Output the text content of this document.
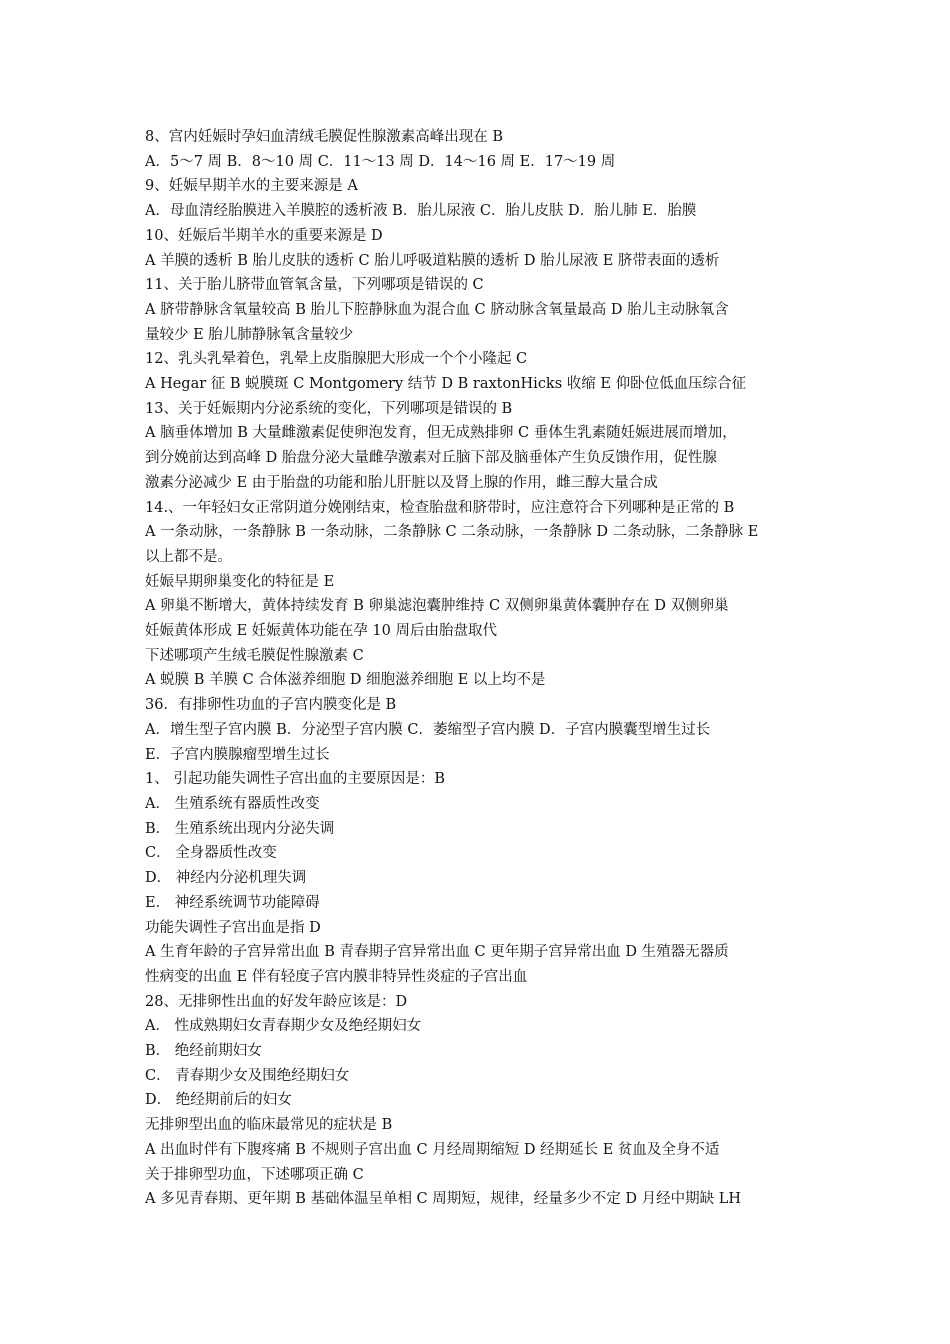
8、宫内妊娠时孕妇血清绒毛膜促性腺激素高峰出现在 B
A．5～7 周 B．8～10 周 C．11～13 周 D．14～16 周 E．17～19 周
9、妊娠早期羊水的主要来源是 A
A．母血清经胎膜进入羊膜腔的透析液 B．胎儿尿液 C．胎儿皮肤 D．胎儿肺 E．胎膜
10、妊娠后半期羊水的重要来源是 D
A 羊膜的透析 B 胎儿皮肤的透析 C 胎儿呼吸道粘膜的透析 D 胎儿尿液 E 脐带表面的透析
11、关于胎儿脐带血管氧含量，下列哪项是错误的 C
A 脐带静脉含氧量较高 B 胎儿下腔静脉血为混合血 C 脐动脉含氧量最高 D 胎儿主动脉氧含
量较少 E 胎儿肺静脉氧含量较少
12、乳头乳晕着色，乳晕上皮脂腺肥大形成一个个小隆起 C
A Hegar 征 B 蜕膜斑 C Montgomery 结节 D B raxtonHicks 收缩 E 仰卧位低血压综合征
13、关于妊娠期内分泌系统的变化，下列哪项是错误的 B
A 脑垂体增加 B 大量雌激素促使卵泡发育，但无成熟排卵 C 垂体生乳素随妊娠进展而增加，
到分娩前达到高峰 D 胎盘分泌大量雌孕激素对丘脑下部及脑垂体产生负反馈作用，促性腺
激素分泌减少 E 由于胎盘的功能和胎儿肝脏以及肾上腺的作用，雌三醇大量合成
14.、一年轻妇女正常阴道分娩刚结束，检查胎盘和脐带时，应注意符合下列哪种是正常的 B
A 一条动脉，一条静脉 B 一条动脉，二条静脉 C 二条动脉，一条静脉 D 二条动脉，二条静脉 E
以上都不是。
妊娠早期卵巢变化的特征是 E
A 卵巢不断增大，黄体持续发育 B 卵巢滤泡囊肿维持 C 双侧卵巢黄体囊肿存在 D 双侧卵巢
妊娠黄体形成 E 妊娠黄体功能在孕 10 周后由胎盘取代
下述哪项产生绒毛膜促性腺激素 C
A 蜕膜 B 羊膜 C 合体滋养细胞 D 细胞滋养细胞 E 以上均不是
36．有排卵性功血的子宫内膜变化是 B
A．增生型子宫内膜 B．分泌型子宫内膜 C．萎缩型子宫内膜 D．子宫内膜囊型增生过长
E．子宫内膜腺瘤型增生过长
1、 引起功能失调性子宫出血的主要原因是：B
A． 生殖系统有器质性改变
B． 生殖系统出现内分泌失调
C． 全身器质性改变
D． 神经内分泌机理失调
E． 神经系统调节功能障碍
功能失调性子宫出血是指 D
A 生育年龄的子宫异常出血 B 青春期子宫异常出血 C 更年期子宫异常出血 D 生殖器无器质
性病变的出血 E 伴有轻度子宫内膜非特异性炎症的子宫出血
28、无排卵性出血的好发年龄应该是：D
A． 性成熟期妇女青春期少女及绝经期妇女
B． 绝经前期妇女
C． 青春期少女及围绝经期妇女
D． 绝经期前后的妇女
无排卵型出血的临床最常见的症状是 B
A 出血时伴有下腹疼痛 B 不规则子宫出血 C 月经周期缩短 D 经期延长 E 贫血及全身不适
关于排卵型功血，下述哪项正确 C
A 多见青春期、更年期 B 基础体温呈单相 C 周期短，规律，经量多少不定 D 月经中期缺 LH
